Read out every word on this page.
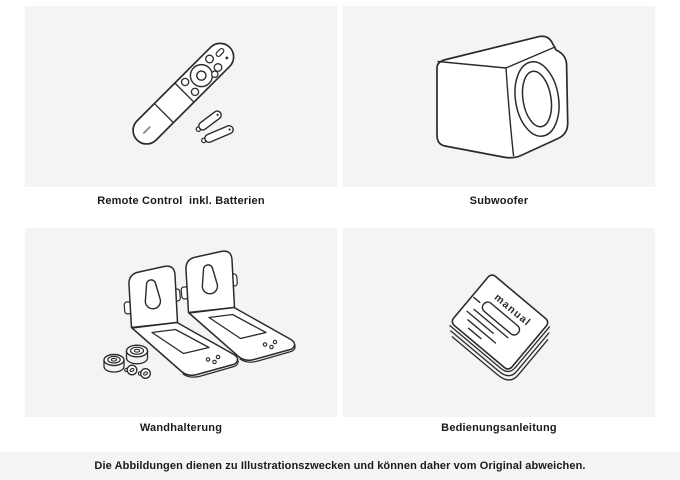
Remote Control  inkl. Batterien	Subwoofer
Wandhalterung
manual
Bedienungsanleitung
Die Abbildungen dienen zu Illustrationszwecken und können daher vom Original abweichen.
